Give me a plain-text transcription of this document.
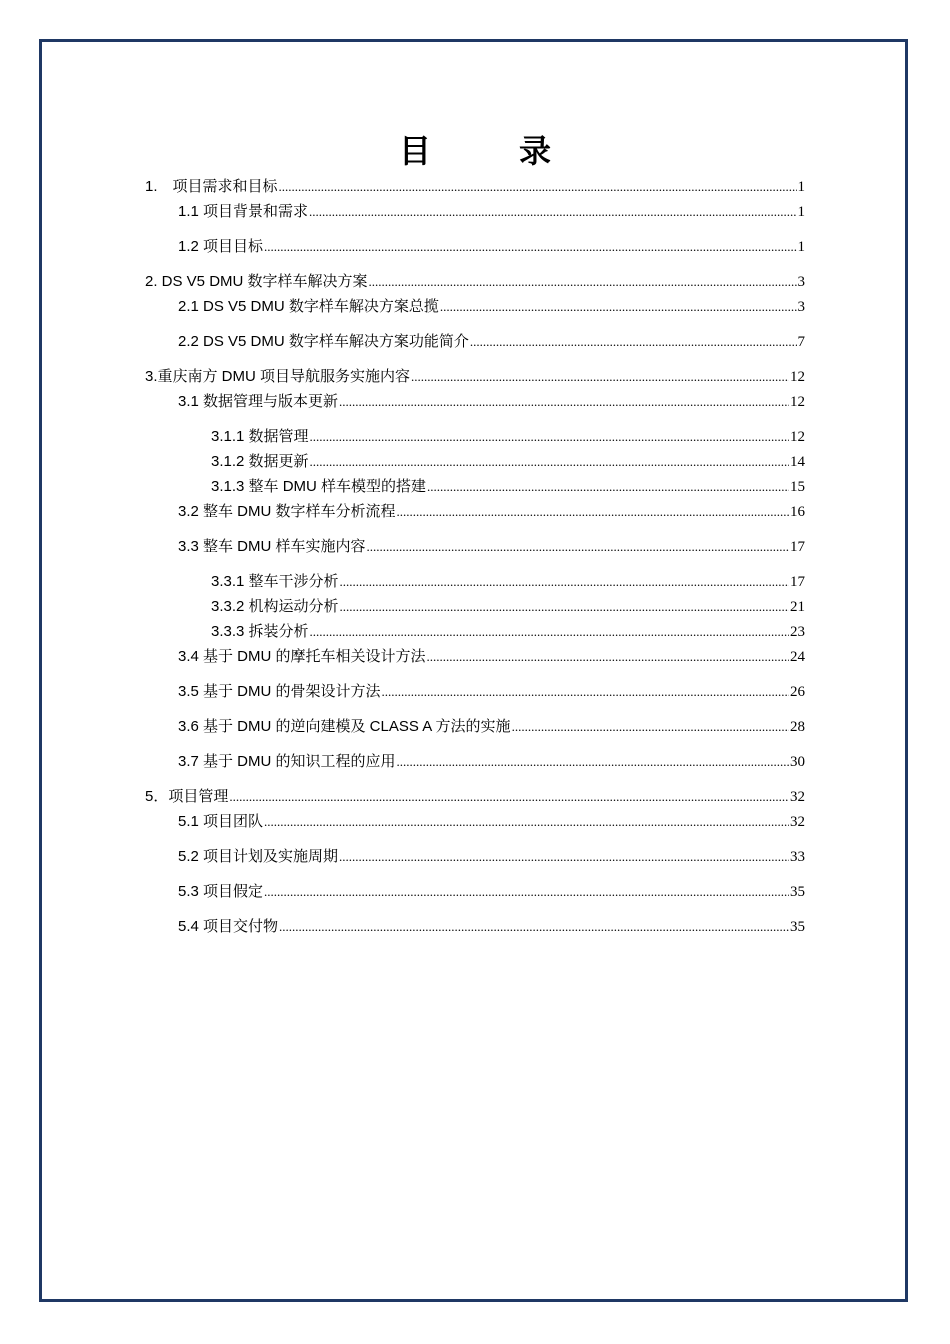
目　录
1.　项目需求和目标 .....	1
1.1 项目背景和需求 .....	1
1.2 项目目标 .....	1
2. DS V5 DMU 数字样车解决方案 .....	3
2.1 DS V5 DMU 数字样车解决方案总揽 .....	3
2.2 DS V5 DMU 数字样车解决方案功能简介 .....	7
3.重庆南方 DMU 项目导航服务实施内容 .....	12
3.1 数据管理与版本更新 .....	12
3.1.1 数据管理 .....	12
3.1.2 数据更新 .....	14
3.1.3 整车 DMU 样车模型的搭建 .....	15
3.2 整车 DMU 数字样车分析流程 .....	16
3.3 整车 DMU 样车实施内容 .....	17
3.3.1 整车干涉分析 .....	17
3.3.2 机构运动分析 .....	21
3.3.3 拆装分析 .....	23
3.4 基于 DMU 的摩托车相关设计方法 .....	24
3.5 基于 DMU 的骨架设计方法 .....	26
3.6 基于 DMU 的逆向建模及 CLASS A 方法的实施 .....	28
3.7 基于 DMU 的知识工程的应用 .....	30
5．项目管理 .....	32
5.1 项目团队 .....	32
5.2 项目计划及实施周期 .....	33
5.3 项目假定 .....	35
5.4 项目交付物 .....	35
